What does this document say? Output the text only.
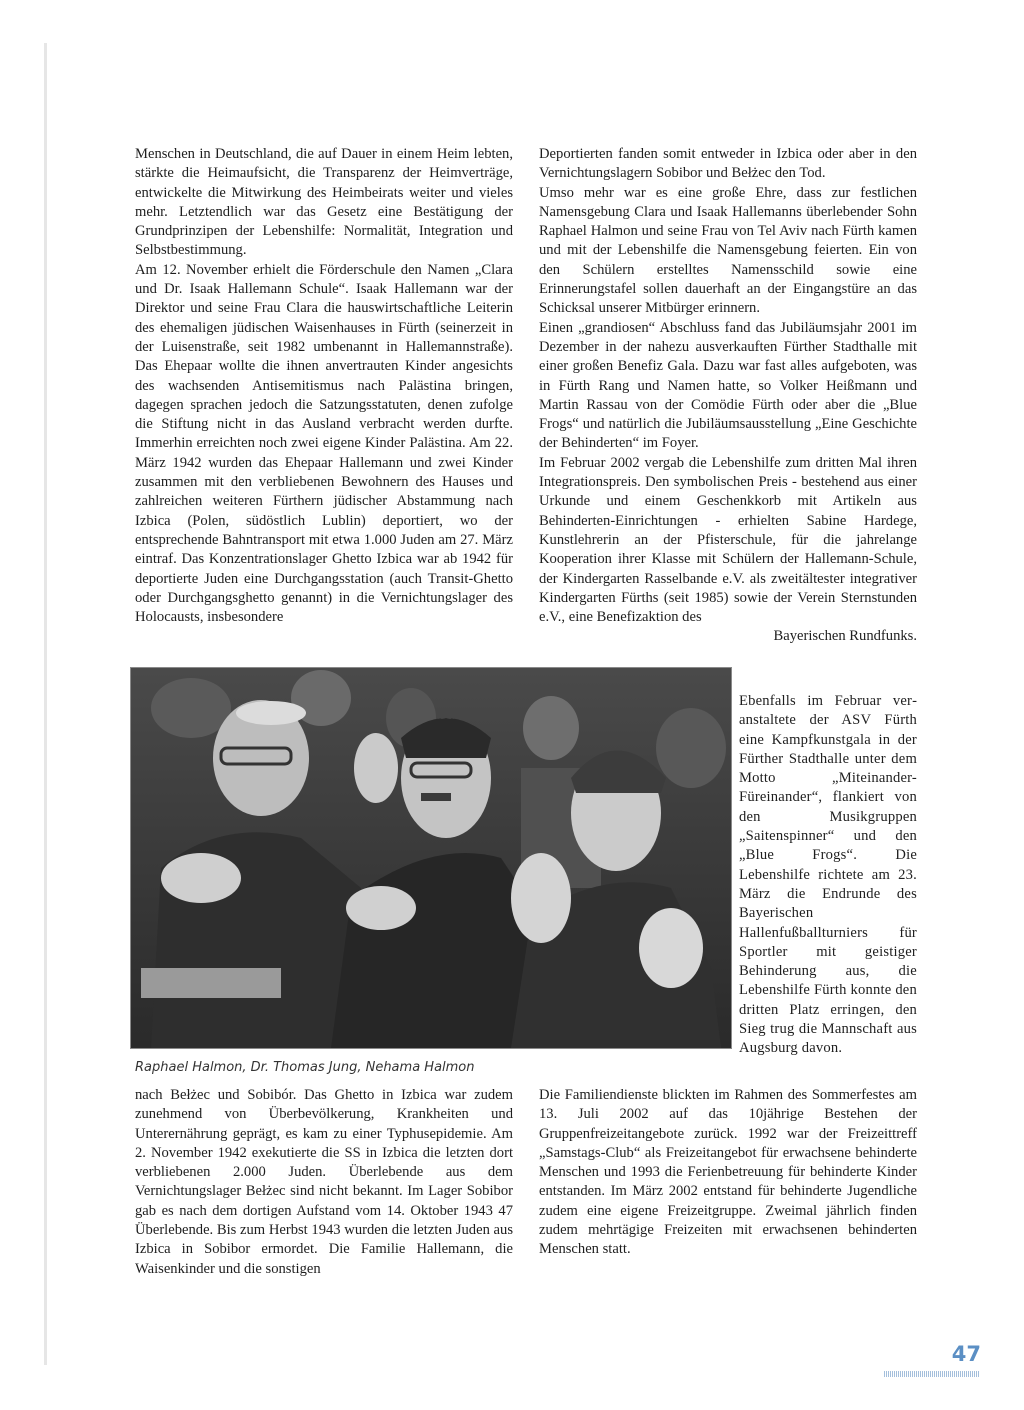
Menschen in Deutschland, die auf Dauer in einem Heim lebten, stärkte die Heimaufsicht, die Transparenz der Heimverträge, entwickelte die Mitwirkung des Heimbeirats weiter und vieles mehr. Letztendlich war das Gesetz eine Bestätigung der Grundprinzipen der Lebenshilfe: Normalität, Integration und Selbstbestimmung.

Am 12. November erhielt die Förderschule den Namen „Clara und Dr. Isaak Hallemann Schule“. Isaak Hallemann war der Direktor und seine Frau Clara die hauswirtschaftliche Leiterin des ehemaligen jüdischen Waisenhauses in Fürth (seinerzeit in der Luisenstraße, seit 1982 umbenannt in Hallemannstraße). Das Ehepaar wollte die ihnen anvertrauten Kinder angesichts des wachsenden Antisemitismus nach Palästina bringen, dagegen sprachen jedoch die Satzungsstatuten, denen zufolge die Stiftung nicht in das Ausland verbracht werden durfte. Immerhin erreichten noch zwei eigene Kinder Palästina. Am 22. März 1942 wurden das Ehepaar Hallemann und zwei Kinder zusammen mit den verbliebenen Bewohnern des Hauses und zahlreichen weiteren Fürthern jüdischer Abstammung nach Izbica (Polen, südöstlich Lublin) deportiert, wo der entsprechende Bahntransport mit etwa 1.000 Juden am 27. März eintraf. Das Konzentrationslager Ghetto Izbica war ab 1942 für deportierte Juden eine Durchgangsstation (auch Transit-Ghetto oder Durchgangsghetto genannt) in die Vernichtungslager des Holocausts, insbesondere

Deportierten fanden somit entweder in Izbica oder aber in den Vernichtungslagern Sobibor und Bełżec den Tod.

Umso mehr war es eine große Ehre, dass zur festlichen Namensgebung Clara und Isaak Hallemanns überlebender Sohn Raphael Halmon und seine Frau von Tel Aviv nach Fürth kamen und mit der Lebenshilfe die Namensgebung feierten. Ein von den Schülern erstelltes Namensschild sowie eine Erinnerungstafel sollen dauerhaft an der Eingangstüre an das Schicksal unserer Mitbürger erinnern.

Einen „grandiosen“ Abschluss fand das Jubiläumsjahr 2001 im Dezember in der nahezu ausverkauften Fürther Stadthalle mit einer großen Benefiz Gala. Dazu war fast alles aufgeboten, was in Fürth Rang und Namen hatte, so Volker Heißmann und Martin Rassau von der Comödie Fürth oder aber die „Blue Frogs“ und natürlich die Jubiläumsausstellung „Eine Geschichte der Behinderten“ im Foyer.

Im Februar 2002 vergab die Lebenshilfe zum dritten Mal ihren Integrationspreis. Den symbolischen Preis - bestehend aus einer Urkunde und einem Geschenkkorb mit Artikeln aus Behinderten-Einrichtungen - erhielten Sabine Hardege, Kunstlehrerin an der Pfisterschule, für die jahrelange Kooperation ihrer Klasse mit Schülern der Hallemann-Schule, der Kindergarten Rasselbande e.V. als zweitältester integrativer Kindergarten Fürths (seit 1985) sowie der Verein Sternstunden e.V., eine Benefizaktion des

Bayerischen Rundfunks.

Raphael Halmon, Dr. Thomas Jung, Nehama Halmon

Ebenfalls im Februar veranstaltete der ASV Fürth eine Kampfkunstgala in der Fürther Stadthalle unter dem Motto „Miteinander-Füreinander“, flankiert von den Musikgruppen „Saitenspinner“ und den „Blue Frogs“. Die Lebenshilfe richtete am 23. März die Endrunde des Bayerischen Hallenfußballturniers für Sportler mit geistiger Behinderung aus, die Lebenshilfe Fürth konnte den dritten Platz erringen, den Sieg trug die Mannschaft aus Augsburg davon.

nach Bełżec und Sobibór. Das Ghetto in Izbica war zudem zunehmend von Überbevölkerung, Krankheiten und Unterernährung geprägt, es kam zu einer Typhusepidemie. Am 2. November 1942 exekutierte die SS in Izbica die letzten dort verbliebenen 2.000 Juden. Überlebende aus dem Vernichtungslager Bełżec sind nicht bekannt. Im Lager Sobibor gab es nach dem dortigen Aufstand vom 14. Oktober 1943 47 Überlebende. Bis zum Herbst 1943 wurden die letzten Juden aus Izbica in Sobibor ermordet. Die Familie Hallemann, die Waisenkinder und die sonstigen

Die Familiendienste blickten im Rahmen des Sommerfestes am 13. Juli 2002 auf das 10jährige Bestehen der Gruppenfreizeitangebote zurück. 1992 war der Freizeittreff „Samstags-Club“ als Freizeitangebot für erwachsene behinderte Menschen und 1993 die Ferienbetreuung für behinderte Kinder entstanden. Im März 2002 entstand für behinderte Jugendliche zudem eine eigene Freizeitgruppe. Zweimal jährlich finden zudem mehrtägige Freizeiten mit erwachsenen behinderten Menschen statt.

47
